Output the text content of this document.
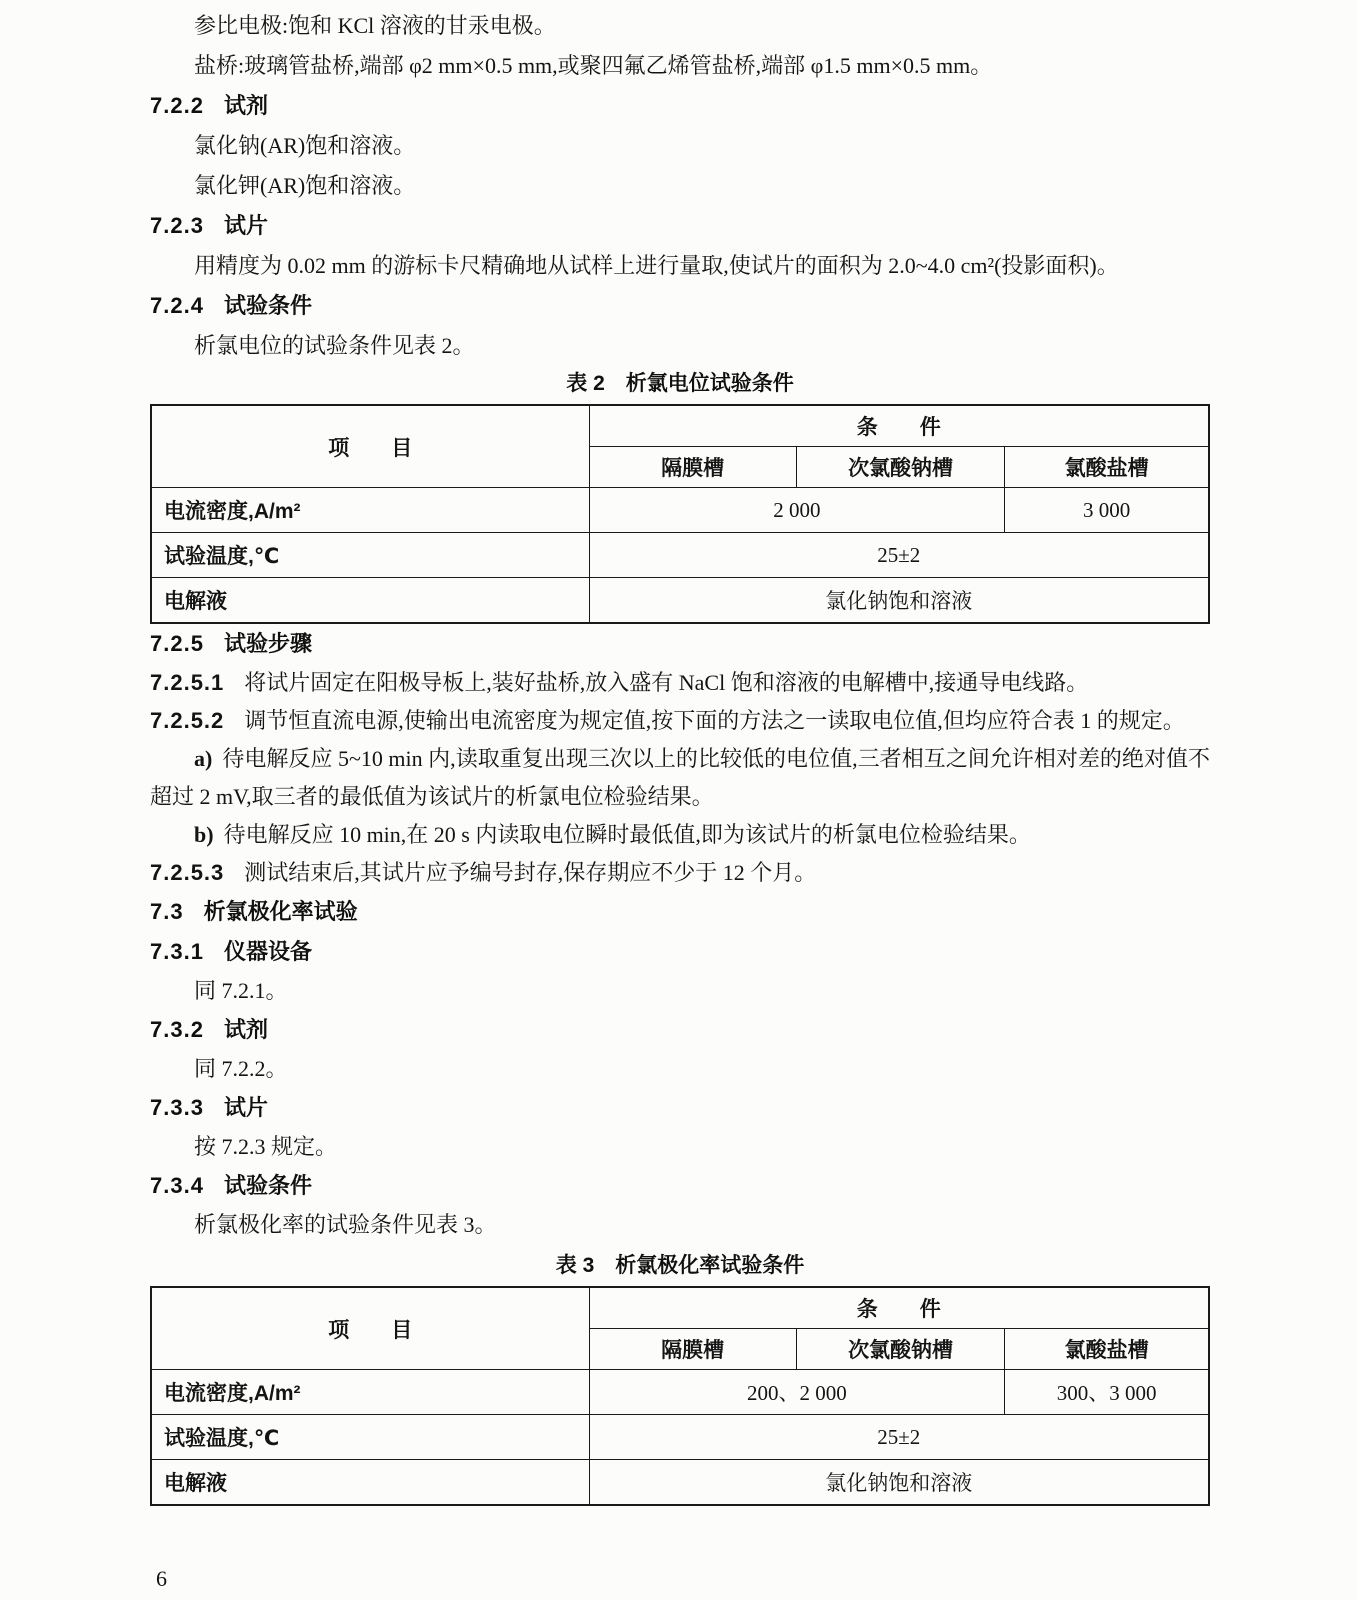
参比电极:饱和 KCl 溶液的甘汞电极。

盐桥:玻璃管盐桥,端部 φ2 mm×0.5 mm,或聚四氟乙烯管盐桥,端部 φ1.5 mm×0.5 mm。

7.2.2 试剂

氯化钠(AR)饱和溶液。

氯化钾(AR)饱和溶液。

7.2.3 试片

用精度为 0.02 mm 的游标卡尺精确地从试样上进行量取,使试片的面积为 2.0~4.0 cm²(投影面积)。

7.2.4 试验条件

析氯电位的试验条件见表 2。

表 2　析氯电位试验条件

项　　目	条　　件		
	隔膜槽	次氯酸钠槽	氯酸盐槽
电流密度,A/m²	2 000		3 000
试验温度,℃	25±2		
电解液	氯化钠饱和溶液		

7.2.5 试验步骤

7.2.5.1 将试片固定在阳极导板上,装好盐桥,放入盛有 NaCl 饱和溶液的电解槽中,接通导电线路。

7.2.5.2 调节恒直流电源,使输出电流密度为规定值,按下面的方法之一读取电位值,但均应符合表 1 的规定。

a) 待电解反应 5~10 min 内,读取重复出现三次以上的比较低的电位值,三者相互之间允许相对差的绝对值不超过 2 mV,取三者的最低值为该试片的析氯电位检验结果。

b) 待电解反应 10 min,在 20 s 内读取电位瞬时最低值,即为该试片的析氯电位检验结果。

7.2.5.3 测试结束后,其试片应予编号封存,保存期应不少于 12 个月。

7.3 析氯极化率试验

7.3.1 仪器设备

同 7.2.1。

7.3.2 试剂

同 7.2.2。

7.3.3 试片

按 7.2.3 规定。

7.3.4 试验条件

析氯极化率的试验条件见表 3。

表 3　析氯极化率试验条件

项　　目	条　　件		
	隔膜槽	次氯酸钠槽	氯酸盐槽
电流密度,A/m²	200、2 000		300、3 000
试验温度,℃	25±2		
电解液	氯化钠饱和溶液		
6
